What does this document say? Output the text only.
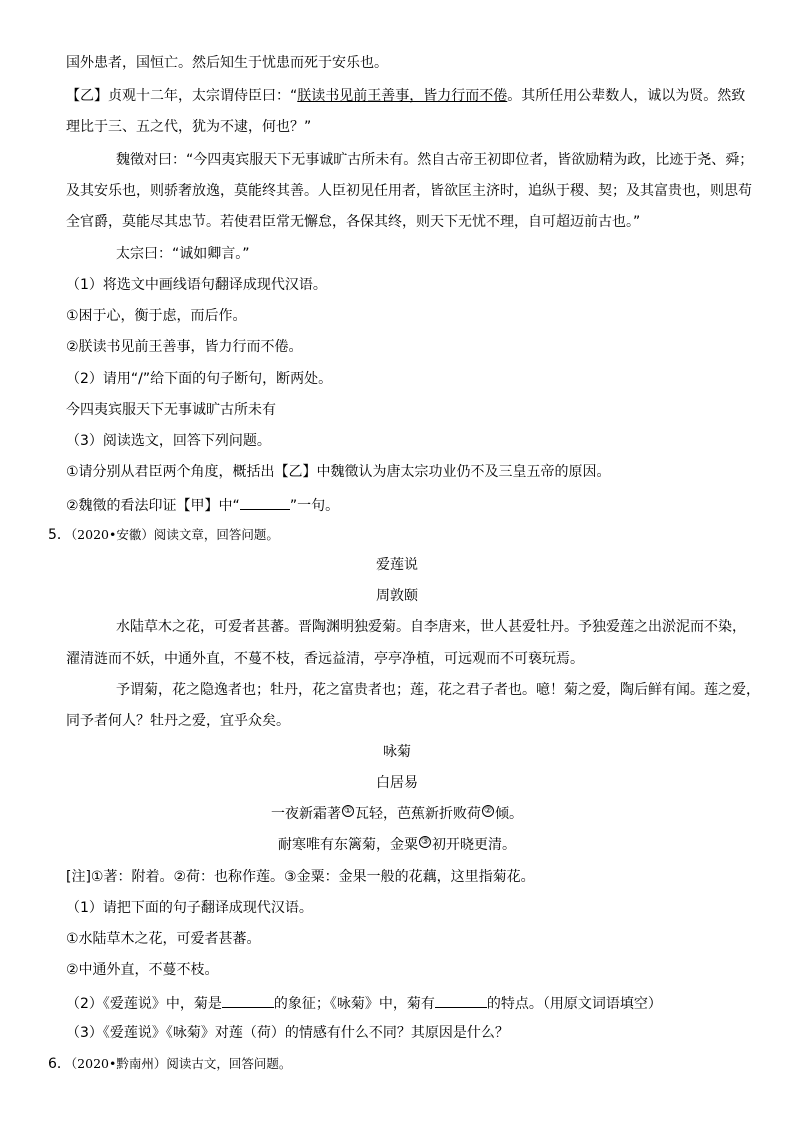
国外患者，国恒亡。然后知生于忧患而死于安乐也。
【乙】贞观十二年，太宗谓侍臣曰：“朕读书见前王善事，皆力行而不倦。其所任用公辈数人，诚以为贤。然致
理比于三、五之代，犹为不逮，何也？”
魏徵对曰：“今四夷宾服天下无事诚旷古所未有。然自古帝王初即位者，皆欲励精为政，比迹于尧、舜；
及其安乐也，则骄奢放逸，莫能终其善。人臣初见任用者，皆欲匡主济时，追纵于稷、契；及其富贵也，则思苟
全官爵，莫能尽其忠节。若使君臣常无懈怠，各保其终，则天下无忧不理，自可超迈前古也。”
太宗曰：“诚如卿言。”
（1）将选文中画线语句翻译成现代汉语。
①困于心，衡于虑，而后作。
②朕读书见前王善事，皆力行而不倦。
（2）请用“/”给下面的句子断句，断两处。
今四夷宾服天下无事诚旷古所未有
（3）阅读选文，回答下列问题。
①请分别从君臣两个角度，概括出【乙】中魏徵认为唐太宗功业仍不及三皇五帝的原因。
②魏徵的看法印证【甲】中“	”一句。
5．（2020•安徽）阅读文章，回答问题。
爱莲说
周敦颐
水陆草木之花，可爱者甚蕃。晋陶渊明独爱菊。自李唐来，世人甚爱牡丹。予独爱莲之出淤泥而不染，
濯清涟而不妖，中通外直，不蔓不枝，香远益清，亭亭净植，可远观而不可亵玩焉。
予谓菊，花之隐逸者也；牡丹，花之富贵者也；莲，花之君子者也。噫！菊之爱，陶后鲜有闻。莲之爱，
同予者何人？牡丹之爱，宜乎众矣。
咏菊
白居易
一夜新霜著 ① 瓦轻，芭蕉新折败荷 ② 倾。
耐寒唯有东篱菊，金粟 ③ 初开晓更清。
[注]①著：附着。②荷：也称作莲。③金粟：金果一般的花藕，这里指菊花。
（1）请把下面的句子翻译成现代汉语。
①水陆草木之花，可爱者甚蕃。
②中通外直，不蔓不枝。
（2）《爱莲说》中，菊是	的象征；《咏菊》中，菊有	的特点。（用原文词语填空）
（3）《爱莲说》《咏菊》对莲（荷）的情感有什么不同？其原因是什么？
6．（2020•黔南州）阅读古文，回答问题。
